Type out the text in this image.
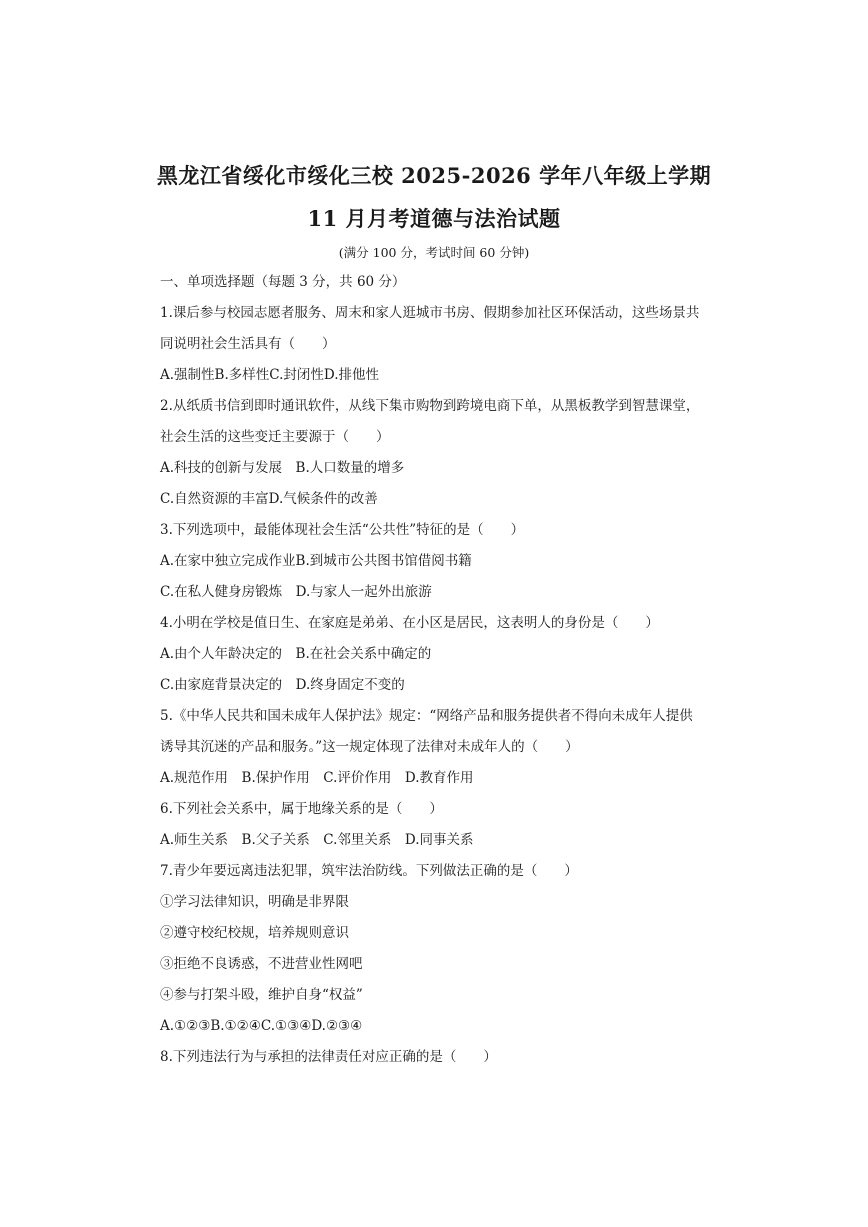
黑龙江省绥化市绥化三校 2025-2026 学年八年级上学期
11 月月考道德与法治试题
(满分 100 分，考试时间 60 分钟)
一、单项选择题（每题 3 分，共 60 分）
1.课后参与校园志愿者服务、周末和家人逛城市书房、假期参加社区环保活动，这些场景共
同说明社会生活具有（　　）
A.强制性B.多样性C.封闭性D.排他性
2.从纸质书信到即时通讯软件，从线下集市购物到跨境电商下单，从黑板教学到智慧课堂，
社会生活的这些变迁主要源于（　　）
A.科技的创新与发展　B.人口数量的增多
C.自然资源的丰富D.气候条件的改善
3.下列选项中，最能体现社会生活“公共性”特征的是（　　）
A.在家中独立完成作业B.到城市公共图书馆借阅书籍
C.在私人健身房锻炼　D.与家人一起外出旅游
4.小明在学校是值日生、在家庭是弟弟、在小区是居民，这表明人的身份是（　　）
A.由个人年龄决定的　B.在社会关系中确定的
C.由家庭背景决定的　D.终身固定不变的
5.《中华人民共和国未成年人保护法》规定：“网络产品和服务提供者不得向未成年人提供
诱导其沉迷的产品和服务。”这一规定体现了法律对未成年人的（　　）
A.规范作用　B.保护作用　C.评价作用　D.教育作用
6.下列社会关系中，属于地缘关系的是（　　）
A.师生关系　B.父子关系　C.邻里关系　D.同事关系
7.青少年要远离违法犯罪，筑牢法治防线。下列做法正确的是（　　）
①学习法律知识，明确是非界限
②遵守校纪校规，培养规则意识
③拒绝不良诱惑，不进营业性网吧
④参与打架斗殴，维护自身“权益”
A.①②③B.①②④C.①③④D.②③④
8.下列违法行为与承担的法律责任对应正确的是（　　）
